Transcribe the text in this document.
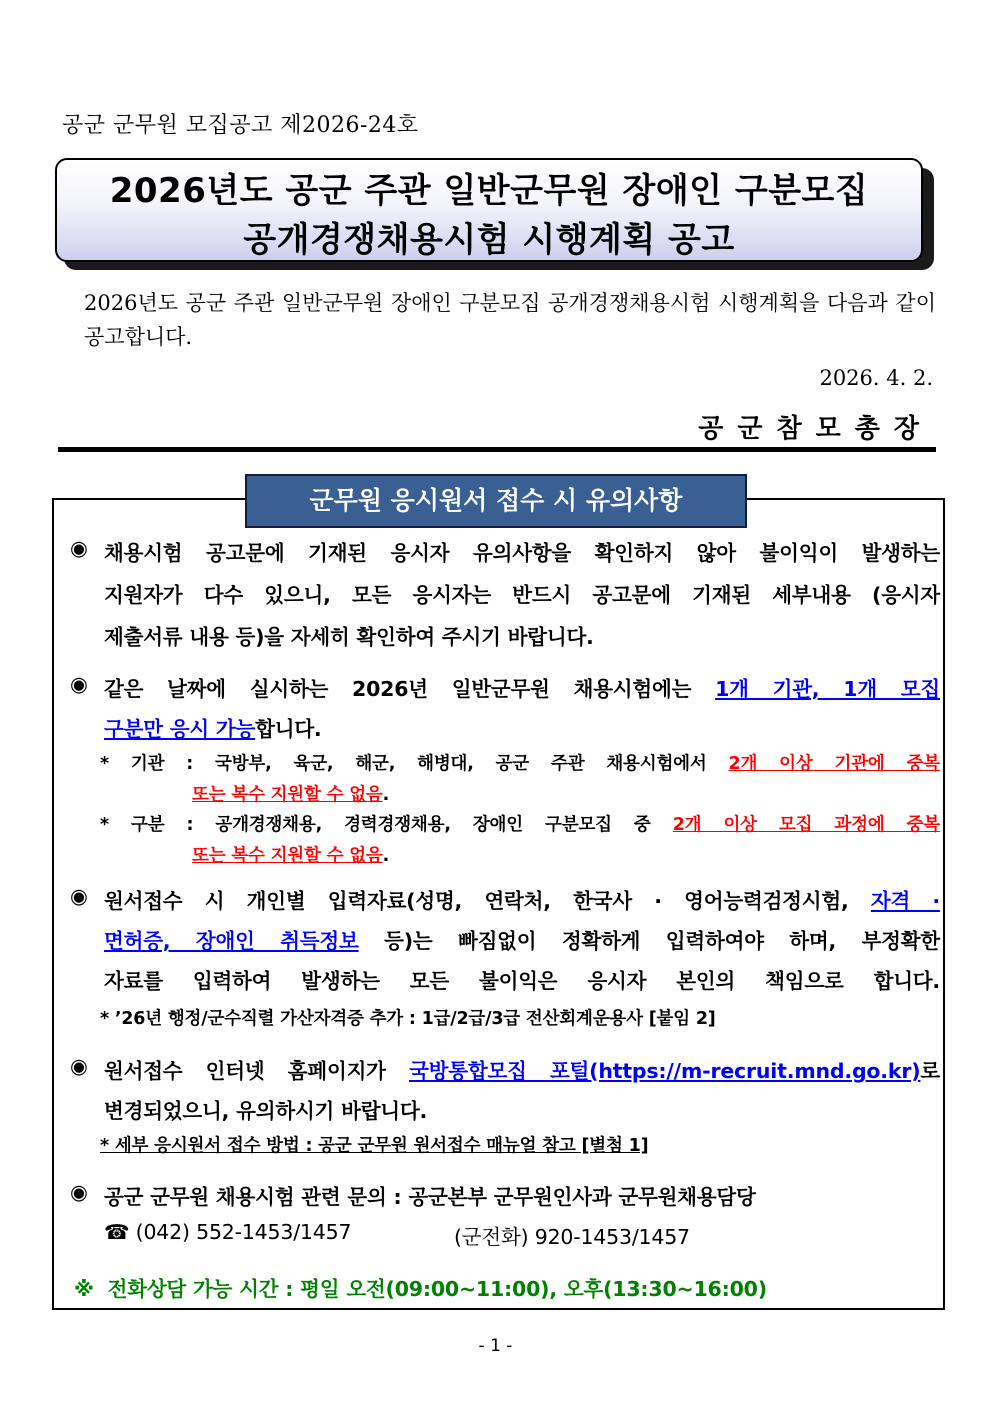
공군 군무원 모집공고 제2026-24호
2026년도 공군 주관 일반군무원 장애인 구분모집
공개경쟁채용시험 시행계획 공고
2026년도 공군 주관 일반군무원 장애인 구분모집 공개경쟁채용시험 시행계획을 다음과 같이 공고합니다.
2026. 4. 2.
공군참모총장
◉ 채용시험 공고문에 기재된 응시자 유의사항을 확인하지 않아 불이익이 발생하는
지원자가 다수 있으니, 모든 응시자는 반드시 공고문에 기재된 세부내용 (응시자
제출서류 내용 등)을 자세히 확인하여 주시기 바랍니다.
◉ 같은 날짜에 실시하는 2026년 일반군무원 채용시험에는 1개 기관, 1개 모집
구분만 응시 가능합니다.
* 기관 : 국방부, 육군, 해군, 해병대, 공군 주관 채용시험에서 2개 이상 기관에 중복
또는 복수 지원할 수 없음.
* 구분 : 공개경쟁채용, 경력경쟁채용, 장애인 구분모집 중 2개 이상 모집 과정에 중복
또는 복수 지원할 수 없음.
◉ 원서접수 시 개인별 입력자료(성명, 연락처, 한국사 · 영어능력검정시험, 자격 ·
면허증, 장애인 취득정보 등)는 빠짐없이 정확하게 입력하여야 하며, 부정확한
자료를 입력하여 발생하는 모든 불이익은 응시자 본인의 책임으로 합니다.
* ’26년 행정/군수직렬 가산자격증 추가 : 1급/2급/3급 전산회계운용사 [붙임 2]
◉ 원서접수 인터넷 홈페이지가 국방통합모집 포털(https://m-recruit.mnd.go.kr)로
변경되었으니, 유의하시기 바랍니다.
* 세부 응시원서 접수 방법 : 공군 군무원 원서접수 매뉴얼 참고 [별첨 1]
◉ 공군 군무원 채용시험 관련 문의 : 공군본부 군무원인사과 군무원채용담당
☎ (042) 552-1453/1457	(군전화) 920-1453/1457
※ 전화상담 가능 시간 : 평일 오전(09:00~11:00), 오후(13:30~16:00)
군무원 응시원서 접수 시 유의사항
- 1 -
